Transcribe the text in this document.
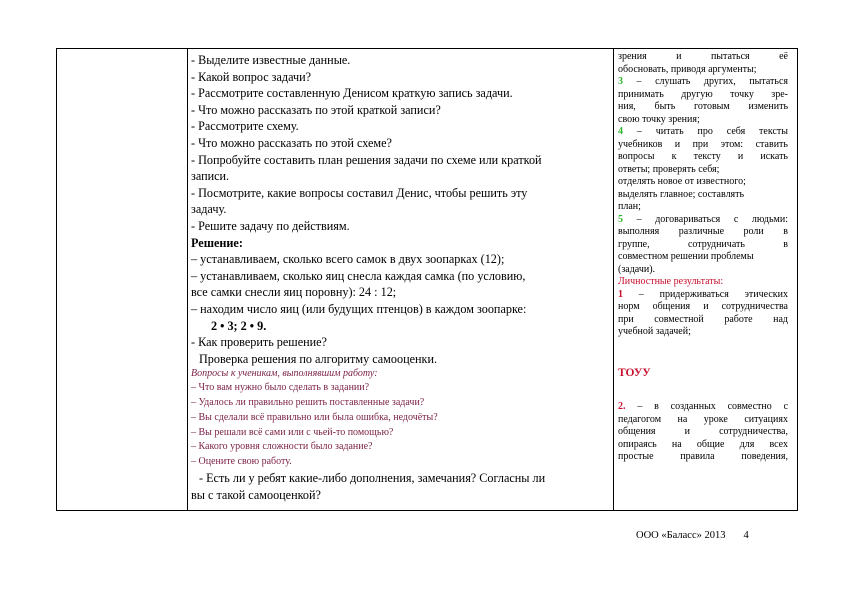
- Выделите известные данные.
- Какой вопрос задачи?
- Рассмотрите составленную Денисом краткую запись задачи.
- Что можно рассказать по этой краткой записи?
- Рассмотрите схему.
- Что можно рассказать по этой схеме?
- Попробуйте составить план решения задачи по схеме или краткой
записи.
- Посмотрите, какие вопросы составил Денис, чтобы решить эту
задачу.
- Решите задачу по действиям.
Решение:
– устанавливаем, сколько всего самок в двух зоопарках (12);
– устанавливаем, сколько яиц снесла каждая самка (по условию,
все самки снесли яиц поровну): 24 : 12;
– находим число яиц (или будущих птенцов) в каждом зоопарке:
2 • 3; 2 • 9.
- Как проверить решение?
Проверка решения по алгоритму самооценки.
Вопросы к ученикам, выполнявшим работу:
– Что вам нужно было сделать в задании?
– Удалось ли правильно решить поставленные задачи?
– Вы сделали всё правильно или была ошибка, недочёты?
– Вы решали всё сами или с чьей-то помощью?
– Какого уровня сложности было задание?
– Оцените свою работу.
- Есть ли у ребят какие-либо дополнения, замечания? Согласны ли
вы с такой самооценкой?
зрения и пытаться её
обосновать, приводя аргументы;
3 – слушать других, пытаться
принимать другую точку зре-
ния, быть готовым изменить
свою точку зрения;
4 – читать про себя тексты
учебников и при этом: ставить
вопросы к тексту и искать
ответы; проверять себя;
отделять новое от известного;
выделять главное; составлять
план;
5 – договариваться с людьми:
выполняя различные роли в
группе, сотрудничать в
совместном решении проблемы
(задачи).
Личностные результаты:
1 – придерживаться этических
норм общения и сотрудничества
при совместной работе над
учебной задачей;
ТОУУ
2. – в созданных совместно с
педагогом на уроке ситуациях
общения и сотрудничества,
опираясь на общие для всех
простые правила поведения,
ООО «Баласс» 2013 4
